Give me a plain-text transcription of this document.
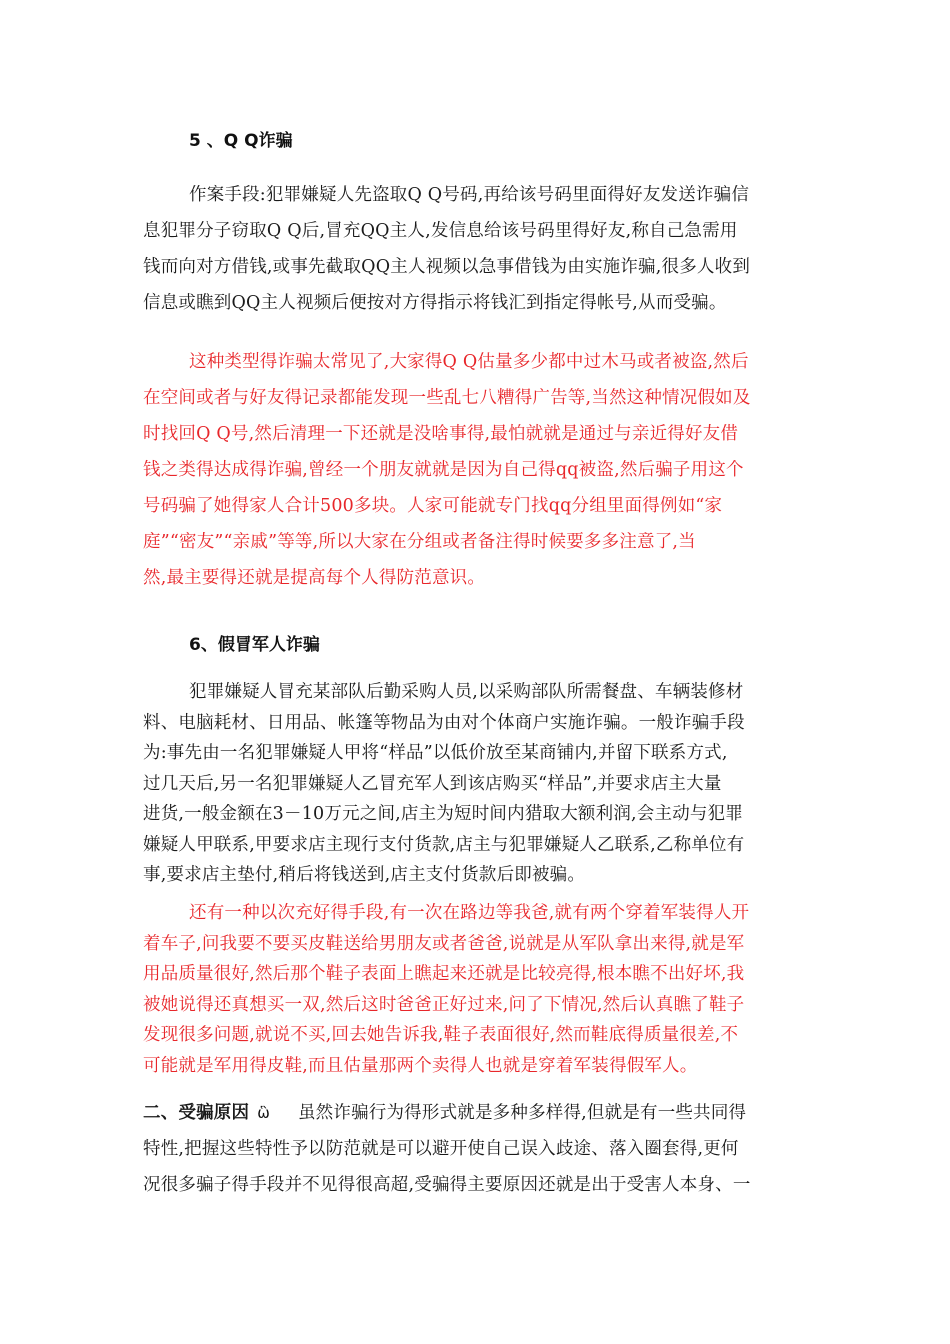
5 、Q Q诈骗
作案手段:犯罪嫌疑人先盗取Q Q号码,再给该号码里面得好友发送诈骗信
息犯罪分子窃取Q Q后,冒充QQ主人,发信息给该号码里得好友,称自己急需用
钱而向对方借钱,或事先截取QQ主人视频以急事借钱为由实施诈骗,很多人收到
信息或瞧到QQ主人视频后便按对方得指示将钱汇到指定得帐号,从而受骗。
这种类型得诈骗太常见了,大家得Q Q估量多少都中过木马或者被盗,然后
在空间或者与好友得记录都能发现一些乱七八糟得广告等,当然这种情况假如及
时找回Q Q号,然后清理一下还就是没啥事得,最怕就就是通过与亲近得好友借
钱之类得达成得诈骗,曾经一个朋友就就是因为自己得qq被盗,然后骗子用这个
号码骗了她得家人合计500多块。人家可能就专门找qq分组里面得例如“家
庭”“密友”“亲戚”等等,所以大家在分组或者备注得时候要多多注意了,当
然,最主要得还就是提高每个人得防范意识。
6、假冒军人诈骗
犯罪嫌疑人冒充某部队后勤采购人员,以采购部队所需餐盘、车辆装修材
料、电脑耗材、日用品、帐篷等物品为由对个体商户实施诈骗。一般诈骗手段
为:事先由一名犯罪嫌疑人甲将“样品”以低价放至某商铺内,并留下联系方式,
过几天后,另一名犯罪嫌疑人乙冒充军人到该店购买“样品”,并要求店主大量
进货,一般金额在3－10万元之间,店主为短时间内猎取大额利润,会主动与犯罪
嫌疑人甲联系,甲要求店主现行支付货款,店主与犯罪嫌疑人乙联系,乙称单位有
事,要求店主垫付,稍后将钱送到,店主支付货款后即被骗。
还有一种以次充好得手段,有一次在路边等我爸,就有两个穿着军装得人开
着车子,问我要不要买皮鞋送给男朋友或者爸爸,说就是从军队拿出来得,就是军
用品质量很好,然后那个鞋子表面上瞧起来还就是比较亮得,根本瞧不出好坏,我
被她说得还真想买一双,然后这时爸爸正好过来,问了下情况,然后认真瞧了鞋子
发现很多问题,就说不买,回去她告诉我,鞋子表面很好,然而鞋底得质量很差,不
可能就是军用得皮鞋,而且估量那两个卖得人也就是穿着军装得假军人。
二、受骗原因 ὣ 虽然诈骗行为得形式就是多种多样得,但就是有一些共同得
特性,把握这些特性予以防范就是可以避开使自己误入歧途、落入圈套得,更何
况很多骗子得手段并不见得很高超,受骗得主要原因还就是出于受害人本身、一
